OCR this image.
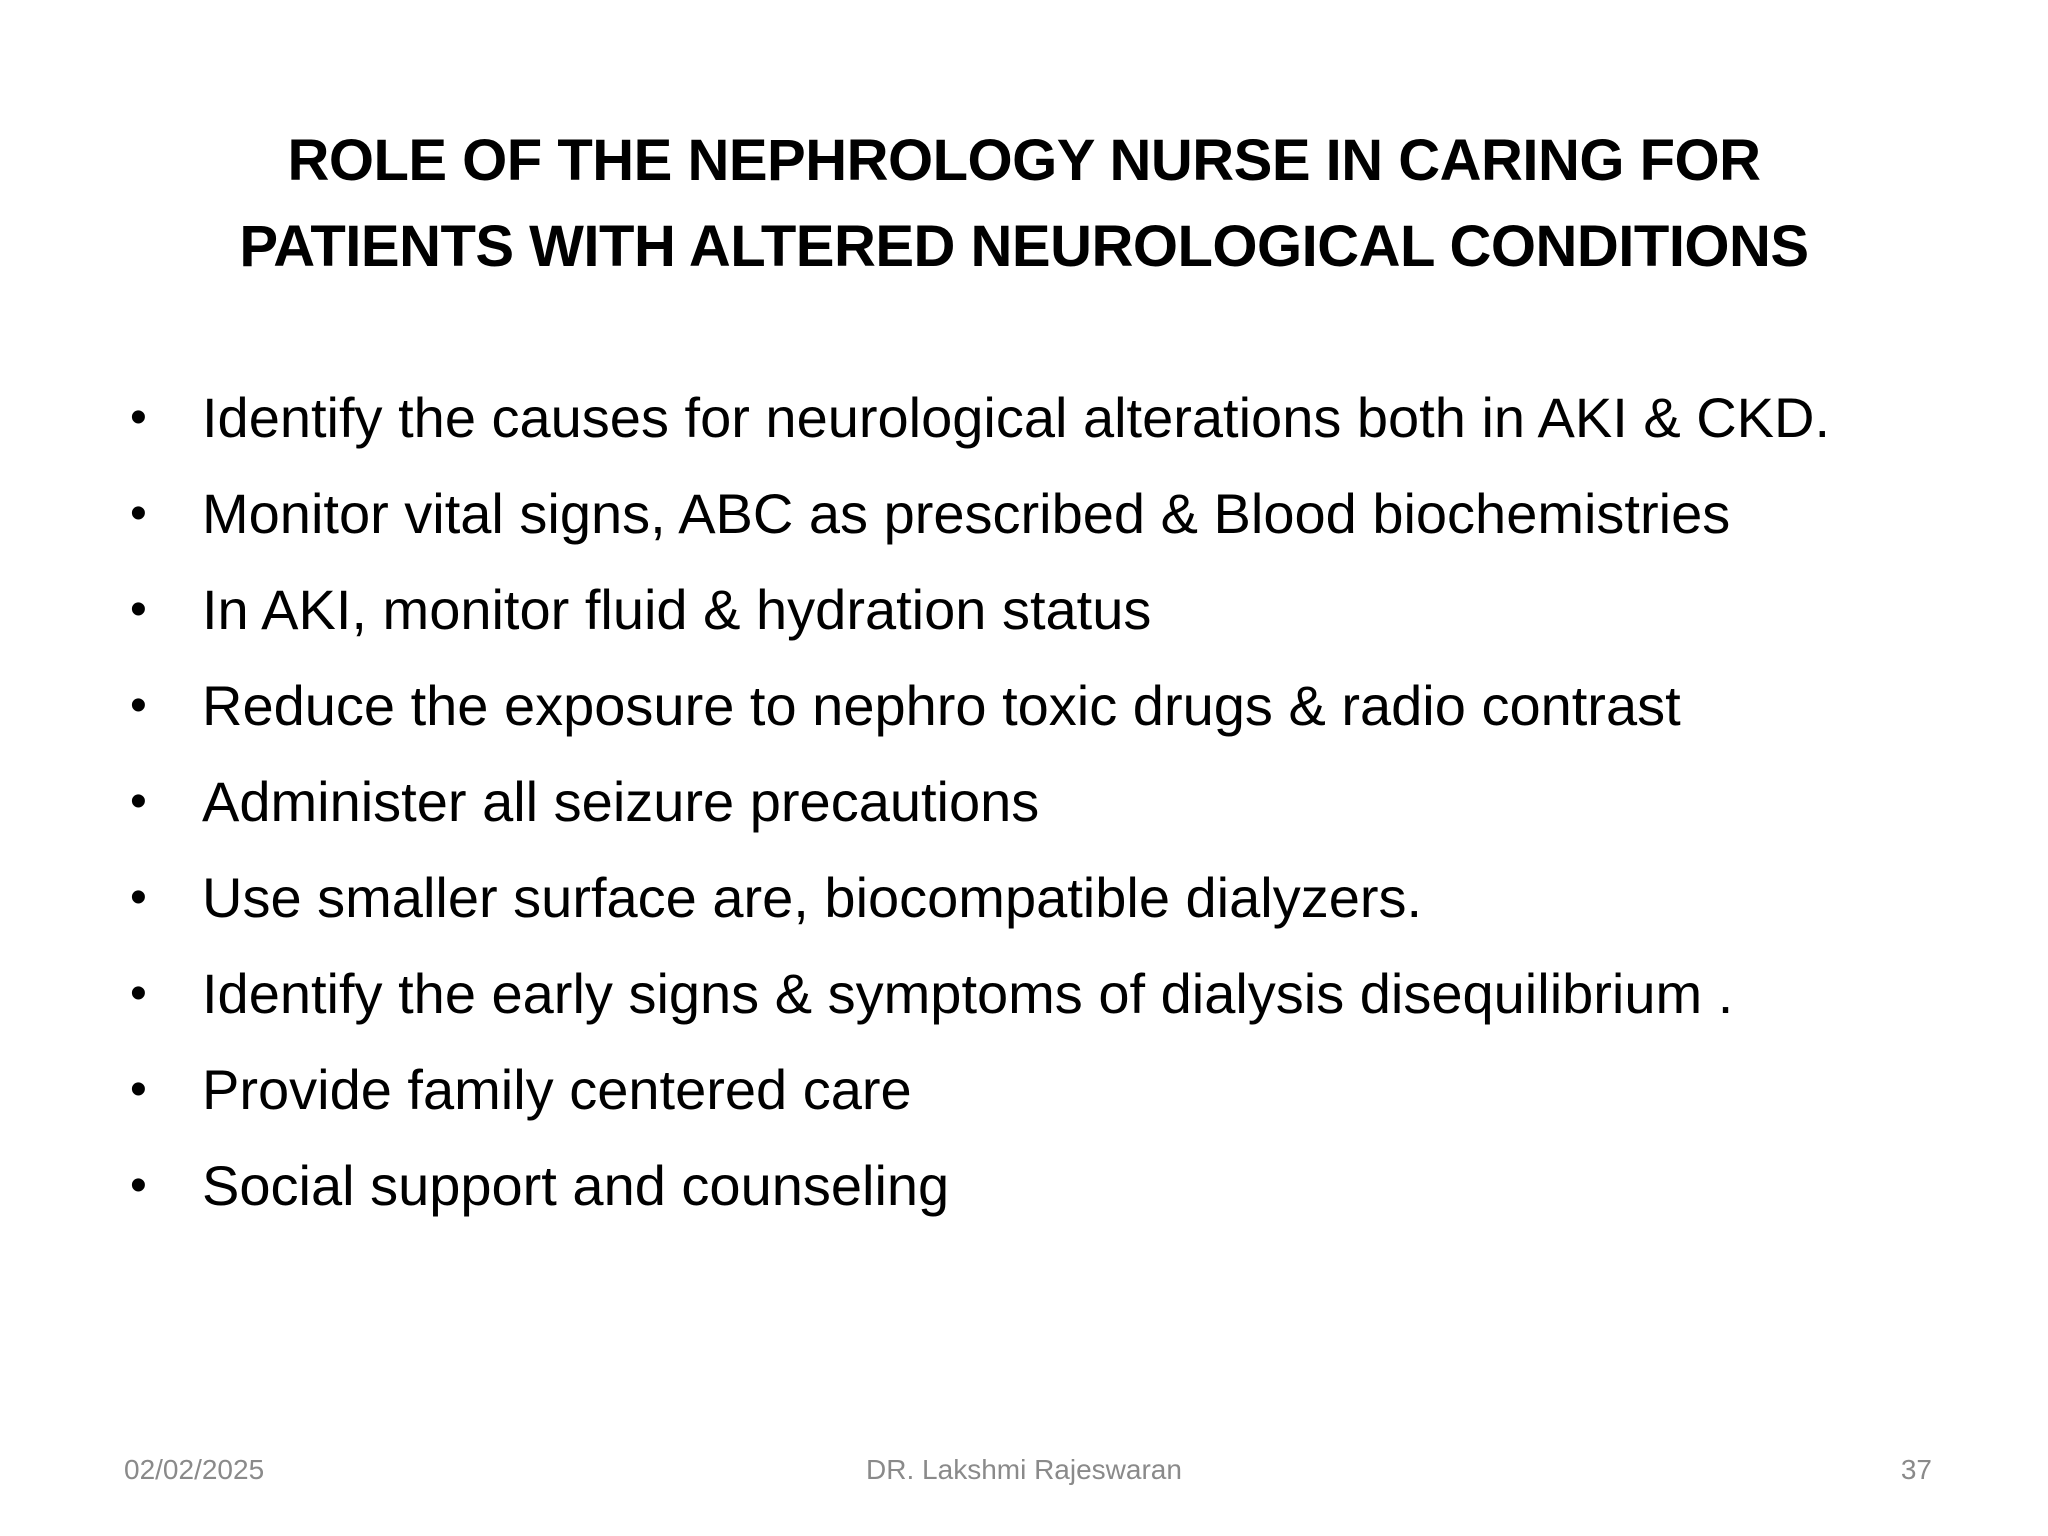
ROLE OF THE NEPHROLOGY NURSE IN CARING FOR
PATIENTS WITH ALTERED NEUROLOGICAL CONDITIONS
• Identify the causes for neurological alterations both in AKI & CKD.
• Monitor vital signs, ABC as prescribed & Blood biochemistries
• In AKI, monitor fluid & hydration status
• Reduce the exposure to nephro toxic drugs & radio contrast
• Administer all seizure precautions
• Use smaller surface are, biocompatible dialyzers.
• Identify the early signs & symptoms of dialysis disequilibrium .
• Provide family centered care
• Social support and counseling
02/02/2025	DR. Lakshmi Rajeswaran	37
